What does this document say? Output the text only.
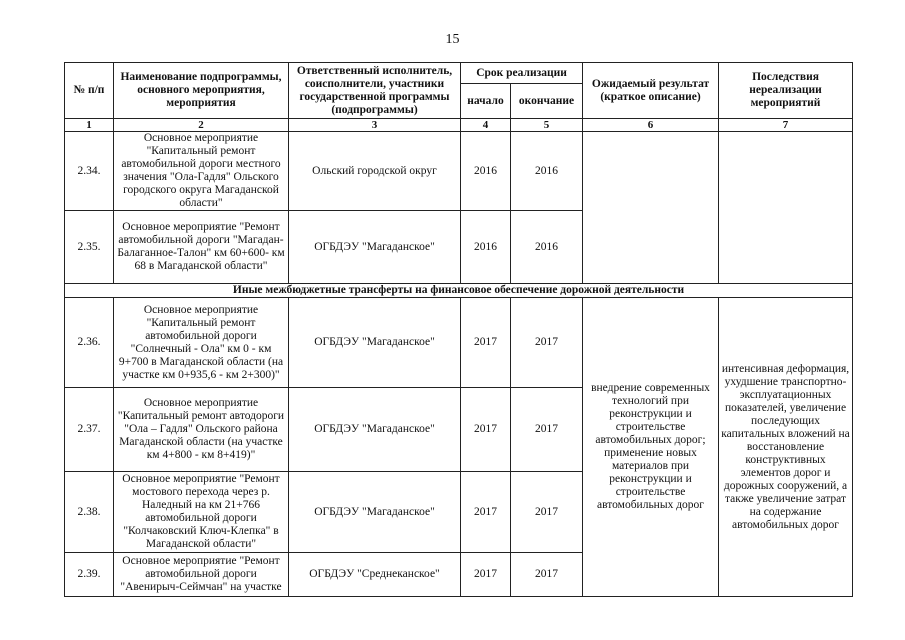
15
№ п/п	Наименование подпрограммы, основного мероприятия, мероприятия	Ответственный исполнитель, соисполнители, участники государственной программы (подпрограммы)	Срок реализации		Ожидаемый результат (краткое описание)	Последствия нереализации мероприятий
			начало	окончание		
1	2	3	4	5	6	7
2.34.	Основное мероприятие "Капитальный ремонт автомобильной дороги местного значения "Ола-Гадля" Ольского городского округа Магаданской области"	Ольский городской округ	2016	2016		
2.35.	Основное мероприятие "Ремонт автомобильной дороги "Магадан-Балаганное-Талон" км 60+600- км 68 в Магаданской области"	ОГБДЭУ "Магаданское"	2016	2016		
Иные межбюджетные трансферты на финансовое обеспечение дорожной деятельности						
2.36.	Основное мероприятие "Капитальный ремонт автомобильной дороги "Солнечный - Ола" км 0 - км 9+700 в Магаданской области (на участке км 0+935,6 - км 2+300)"	ОГБДЭУ "Магаданское"	2017	2017	внедрение современных технологий при реконструкции и строительстве автомобильных дорог; применение новых материалов при реконструкции и строительстве автомобильных дорог	интенсивная деформация, ухудшение транспортно-эксплуатационных показателей, увеличение последующих капитальных вложений на восстановление конструктивных элементов дорог и дорожных сооружений, а также увеличение затрат на содержание автомобильных дорог
2.37.	Основное мероприятие "Капитальный ремонт автодороги "Ола – Гадля" Ольского района Магаданской области (на участке км 4+800 - км 8+419)"	ОГБДЭУ "Магаданское"	2017	2017		
2.38.	Основное мероприятие "Ремонт мостового перехода через р. Наледный на км 21+766 автомобильной дороги "Колчаковский Ключ-Клепка" в Магаданской области"	ОГБДЭУ "Магаданское"	2017	2017		
2.39.	Основное мероприятие "Ремонт автомобильной дороги "Авенирыч-Сеймчан" на участке	ОГБДЭУ "Среднеканское"	2017	2017		
